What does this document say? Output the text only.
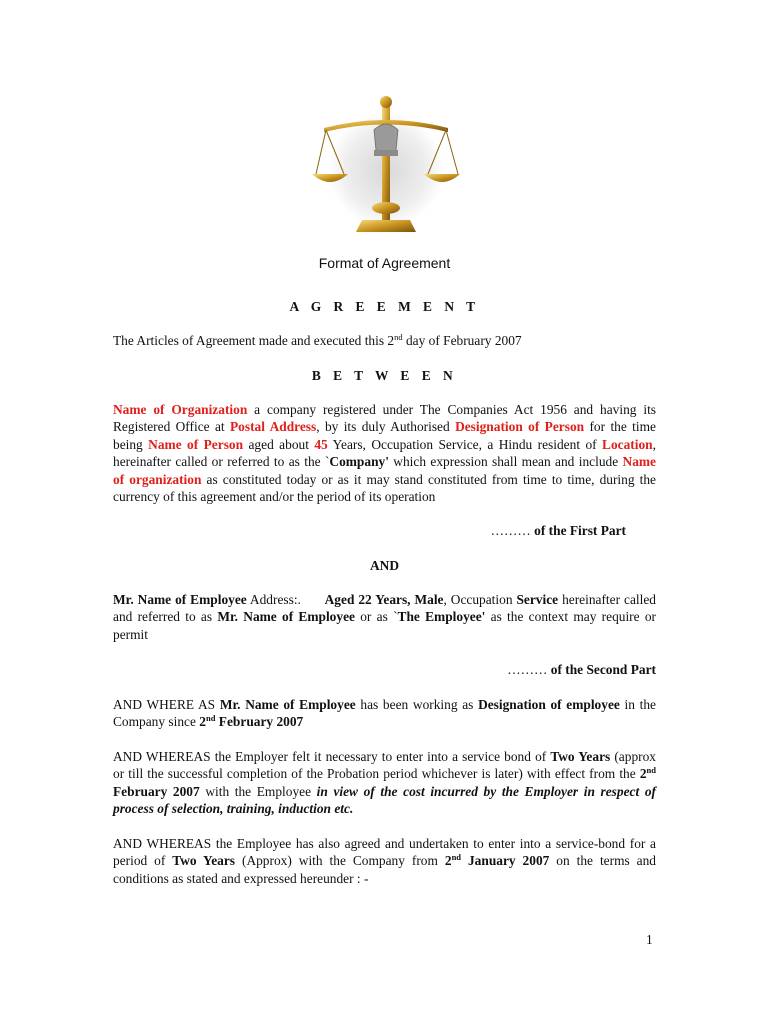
Format of Agreement

A G R E E M E N T

The Articles of Agreement made and executed this 2nd day of February 2007

B E T W E E N

Name of Organization a company registered under The Companies Act 1956 and having its Registered Office at Postal Address, by its duly Authorised Designation of Person for the time being Name of Person aged about 45 Years, Occupation Service, a Hindu resident of Location, hereinafter called or referred to as the `Company' which expression shall mean and include Name of organization as constituted today or as it may stand constituted from time to time, during the currency of this agreement and/or the period of its operation

……… of the First Part

AND

Mr. Name of Employee Address:. Aged 22 Years, Male, Occupation Service hereinafter called and referred to as Mr. Name of Employee or as `The Employee' as the context may require or permit

……… of the Second Part

AND WHERE AS Mr. Name of Employee has been working as Designation of employee in the Company since 2nd February 2007

AND WHEREAS the Employer felt it necessary to enter into a service bond of Two Years (approx or till the successful completion of the Probation period whichever is later) with effect from the 2nd February 2007 with the Employee in view of the cost incurred by the Employer in respect of process of selection, training, induction etc.

AND WHEREAS the Employee has also agreed and undertaken to enter into a service-bond for a period of Two Years (Approx) with the Company from 2nd January 2007 on the terms and conditions as stated and expressed hereunder : -

1
